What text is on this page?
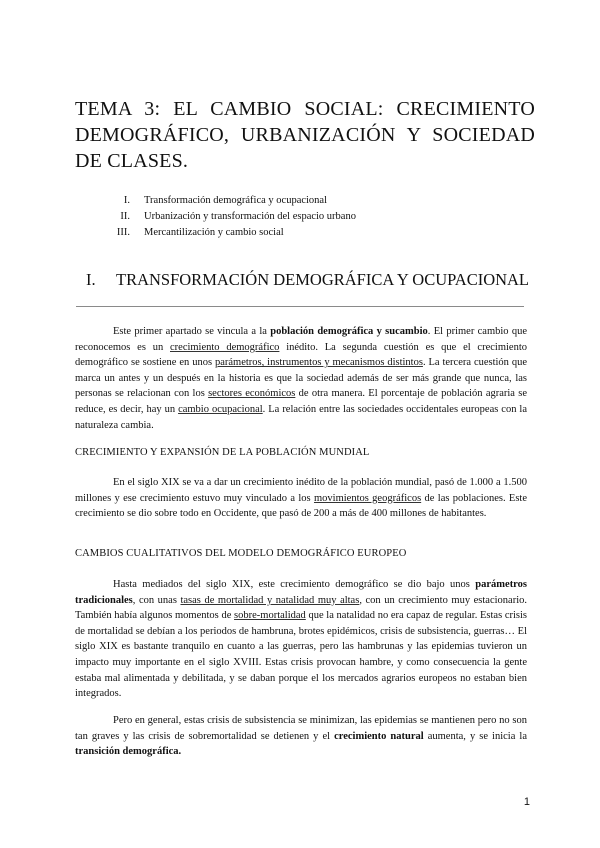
TEMA 3: EL CAMBIO SOCIAL: CRECIMIENTO DEMOGRÁFICO, URBANIZACIÓN Y SOCIEDAD DE CLASES.
I. Transformación demográfica y ocupacional
II. Urbanización y transformación del espacio urbano
III. Mercantilización y cambio social
I.	TRANSFORMACIÓN DEMOGRÁFICA Y OCUPACIONAL
Este primer apartado se vincula a la población demográfica y sucambio. El primer cambio que reconocemos es un crecimiento demográfico inédito. La segunda cuestión es que el crecimiento demográfico se sostiene en unos parámetros, instrumentos y mecanismos distintos. La tercera cuestión que marca un antes y un después en la historia es que la sociedad además de ser más grande que nunca, las personas se relacionan con los sectores económicos de otra manera. El porcentaje de población agraria se reduce, es decir, hay un cambio ocupacional. La relación entre las sociedades occidentales europeas con la naturaleza cambia.
CRECIMIENTO Y EXPANSIÓN DE LA POBLACIÓN MUNDIAL
En el siglo XIX se va a dar un crecimiento inédito de la población mundial, pasó de 1.000 a 1.500 millones y ese crecimiento estuvo muy vinculado a los movimientos geográficos de las poblaciones. Este crecimiento se dio sobre todo en Occidente, que pasó de 200 a más de 400 millones de habitantes.
CAMBIOS CUALITATIVOS DEL MODELO DEMOGRÁFICO EUROPEO
Hasta mediados del siglo XIX, este crecimiento demográfico se dio bajo unos parámetros tradicionales, con unas tasas de mortalidad y natalidad muy altas, con un crecimiento muy estacionario. También había algunos momentos de sobre-mortalidad que la natalidad no era capaz de regular. Estas crisis de mortalidad se debían a los periodos de hambruna, brotes epidémicos, crisis de subsistencia, guerras… El siglo XIX es bastante tranquilo en cuanto a las guerras, pero las hambrunas y las epidemias tuvieron un impacto muy importante en el siglo XVIII. Estas crisis provocan hambre, y como consecuencia la gente estaba mal alimentada y debilitada, y se daban porque el los mercados agrarios europeos no estaban bien integrados.
Pero en general, estas crisis de subsistencia se minimizan, las epidemias se mantienen pero no son tan graves y las crisis de sobremortalidad se detienen y el crecimiento natural aumenta, y se inicia la transición demográfica.
1
